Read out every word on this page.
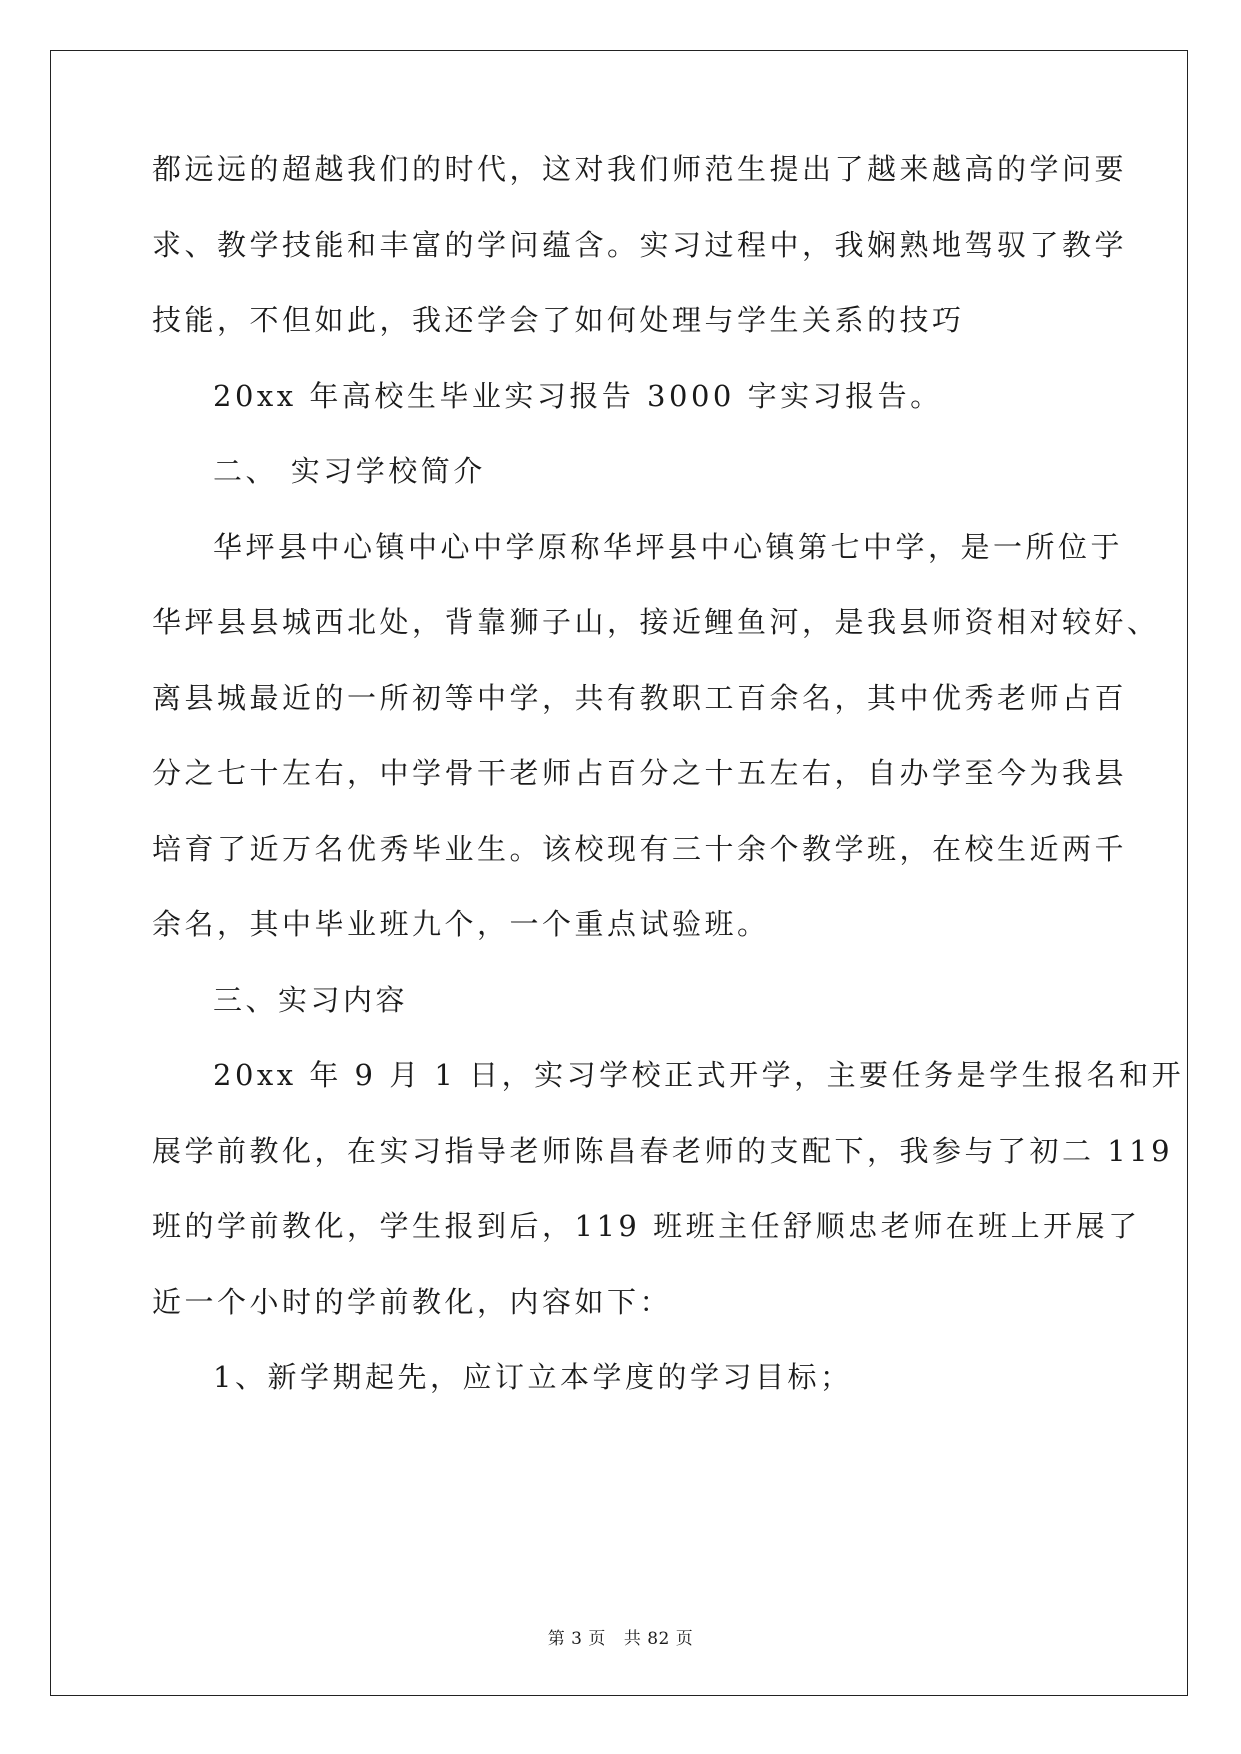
都远远的超越我们的时代，这对我们师范生提出了越来越高的学问要
求、教学技能和丰富的学问蕴含。实习过程中，我娴熟地驾驭了教学
技能，不但如此，我还学会了如何处理与学生关系的技巧
20xx 年高校生毕业实习报告 3000 字实习报告。
二、 实习学校简介
华坪县中心镇中心中学原称华坪县中心镇第七中学，是一所位于
华坪县县城西北处，背靠狮子山，接近鲤鱼河，是我县师资相对较好、
离县城最近的一所初等中学，共有教职工百余名，其中优秀老师占百
分之七十左右，中学骨干老师占百分之十五左右，自办学至今为我县
培育了近万名优秀毕业生。该校现有三十余个教学班，在校生近两千
余名，其中毕业班九个，一个重点试验班。
三、实习内容
20xx 年 9 月 1 日，实习学校正式开学，主要任务是学生报名和开
展学前教化，在实习指导老师陈昌春老师的支配下，我参与了初二 119
班的学前教化，学生报到后，119 班班主任舒顺忠老师在班上开展了
近一个小时的学前教化，内容如下：
1、新学期起先，应订立本学度的学习目标；
第 3 页 共 82 页
